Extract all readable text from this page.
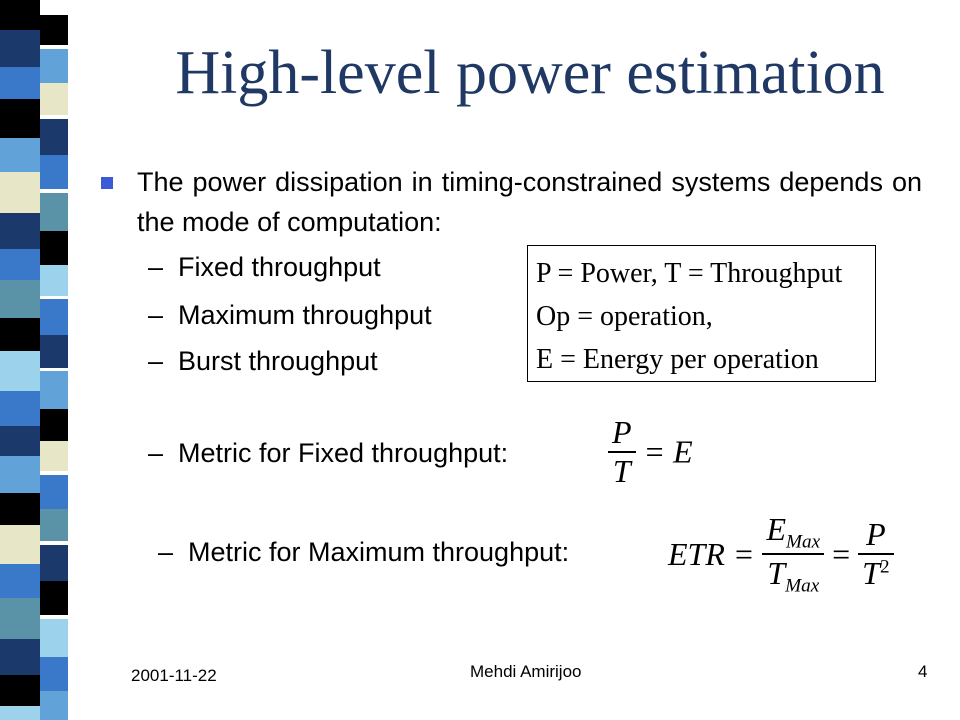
High-level power estimation
The power dissipation in timing-constrained systems depends on the mode of computation:
– Fixed throughput
– Maximum throughput
– Burst throughput
P = Power, T = Throughput
Op = operation,
E = Energy per operation
– Metric for Fixed throughput:	$\frac{P}{T} = E$
– Metric for Maximum throughput:	ETR = $\frac{E_{Max}}{T_{Max}} = \frac{P}{T^2}$
2001-11-22	Mehdi Amirijoo	4
